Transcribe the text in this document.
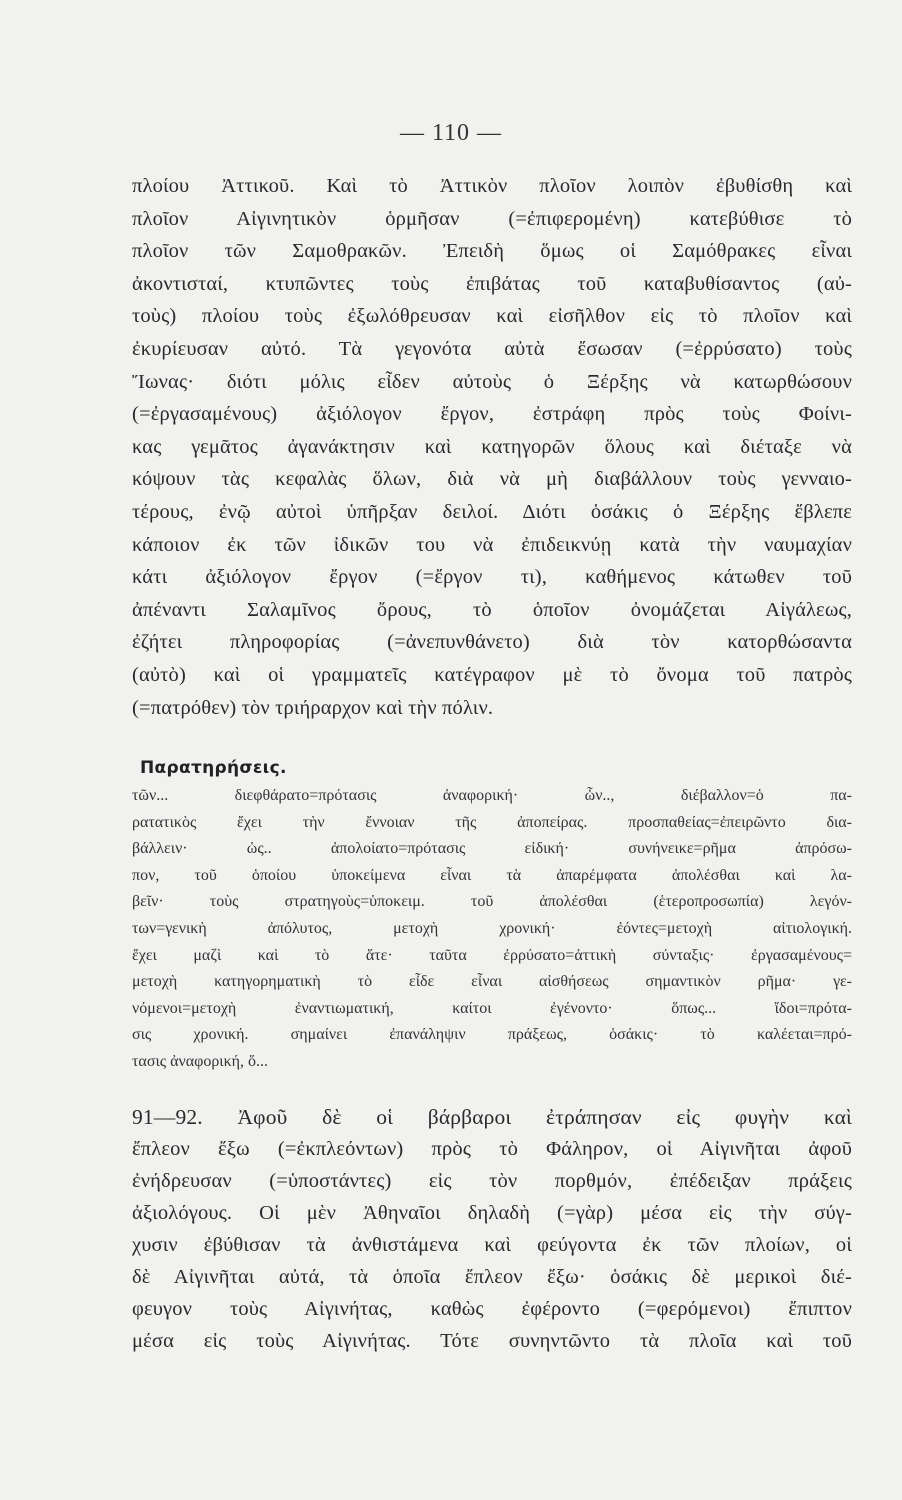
— 110 —
πλοίου Ἀττικοῦ. Καὶ τὸ Ἀττικὸν πλοῖον λοιπὸν ἐβυθίσθη καὶ
πλοῖον Αἰγινητικὸν ὁρμῆσαν (=ἐπιφερομένη) κατεβύθισε τὸ
πλοῖον τῶν Σαμοθρακῶν. Ἐπειδὴ ὅμως οἱ Σαμόθρακες εἶναι
ἀκοντισταί, κτυπῶντες τοὺς ἐπιβάτας τοῦ καταβυθίσαντος (αὐ-
τοὺς) πλοίου τοὺς ἐξωλόθρευσαν καὶ εἰσῆλθον εἰς τὸ πλοῖον καὶ
ἐκυρίευσαν αὐτό. Τὰ γεγονότα αὐτὰ ἔσωσαν (=ἐρρύσατο) τοὺς
Ἴωνας· διότι μόλις εἶδεν αὐτοὺς ὁ Ξέρξης νὰ κατωρθώσουν
(=ἐργασαμένους) ἀξιόλογον ἔργον, ἐστράφη πρὸς τοὺς Φοίνι-
κας γεμᾶτος ἀγανάκτησιν καὶ κατηγορῶν ὅλους καὶ διέταξε νὰ
κόψουν τὰς κεφαλὰς ὅλων, διὰ νὰ μὴ διαβάλλουν τοὺς γενναιο-
τέρους, ἐνῷ αὐτοὶ ὑπῆρξαν δειλοί. Διότι ὁσάκις ὁ Ξέρξης ἔβλεπε
κάποιον ἐκ τῶν ἰδικῶν του νὰ ἐπιδεικνύῃ κατὰ τὴν ναυμαχίαν
κάτι ἀξιόλογον ἔργον (=ἔργον τι), καθήμενος κάτωθεν τοῦ
ἀπέναντι Σαλαμῖνος ὄρους, τὸ ὁποῖον ὀνομάζεται Αἰγάλεως,
ἐζήτει πληροφορίας (=ἀνεπυνθάνετο) διὰ τὸν κατορθώσαντα
(αὐτὸ) καὶ οἱ γραμματεῖς κατέγραφον μὲ τὸ ὄνομα τοῦ πατρὸς
(=πατρόθεν) τὸν τριήραρχον καὶ τὴν πόλιν.
Παρατηρήσεις.
τῶν... διεφθάρατο=πρότασις ἀναφορική· ὧν.., διέβαλλον=ὁ πα-
ρατατικὸς ἔχει τὴν ἔννοιαν τῆς ἀποπείρας. προσπαθείας=ἐπειρῶντο δια-
βάλλειν· ὡς.. ἀπολοίατο=πρότασις εἰδική· συνήνεικε=ρῆμα ἀπρόσω-
πον, τοῦ ὁποίου ὑποκείμενα εἶναι τὰ ἀπαρέμφατα ἀπολέσθαι καὶ λα-
βεῖν· τοὺς στρατηγοὺς=ὑποκειμ. τοῦ ἀπολέσθαι (ἑτεροπροσωπία) λεγόν-
των=γενικὴ ἀπόλυτος, μετοχὴ χρονική· ἐόντες=μετοχὴ αἰτιολογική.
ἔχει μαζὶ καὶ τὸ ἅτε· ταῦτα ἐρρύσατο=ἀττικὴ σύνταξις· ἐργασαμένους=
μετοχὴ κατηγορηματικὴ τὸ εἶδε εἶναι αἰσθήσεως σημαντικὸν ρῆμα· γε-
νόμενοι=μετοχὴ ἐναντιωματική, καίτοι ἐγένοντο· ὅπως... ἴδοι=πρότα-
σις χρονική. σημαίνει ἐπανάληψιν πράξεως, ὁσάκις· τὸ καλέεται=πρό-
τασις ἀναφορική, ὅ...
91—92. Ἀφοῦ δὲ οἱ βάρβαροι ἐτράπησαν εἰς φυγὴν καὶ
ἔπλεον ἔξω (=ἐκπλεόντων) πρὸς τὸ Φάληρον, οἱ Αἰγινῆται ἀφοῦ
ἐνήδρευσαν (=ὑποστάντες) εἰς τὸν πορθμόν, ἐπέδειξαν πράξεις
ἀξιολόγους. Οἱ μὲν Ἀθηναῖοι δηλαδὴ (=γὰρ) μέσα εἰς τὴν σύγ-
χυσιν ἐβύθισαν τὰ ἀνθιστάμενα καὶ φεύγοντα ἐκ τῶν πλοίων, οἱ
δὲ Αἰγινῆται αὐτά, τὰ ὁποῖα ἔπλεον ἔξω· ὁσάκις δὲ μερικοὶ διέ-
φευγον τοὺς Αἰγινήτας, καθὼς ἐφέροντο (=φερόμενοι) ἔπιπτον
μέσα εἰς τοὺς Αἰγινήτας. Τότε συνηντῶντο τὰ πλοῖα καὶ τοῦ
